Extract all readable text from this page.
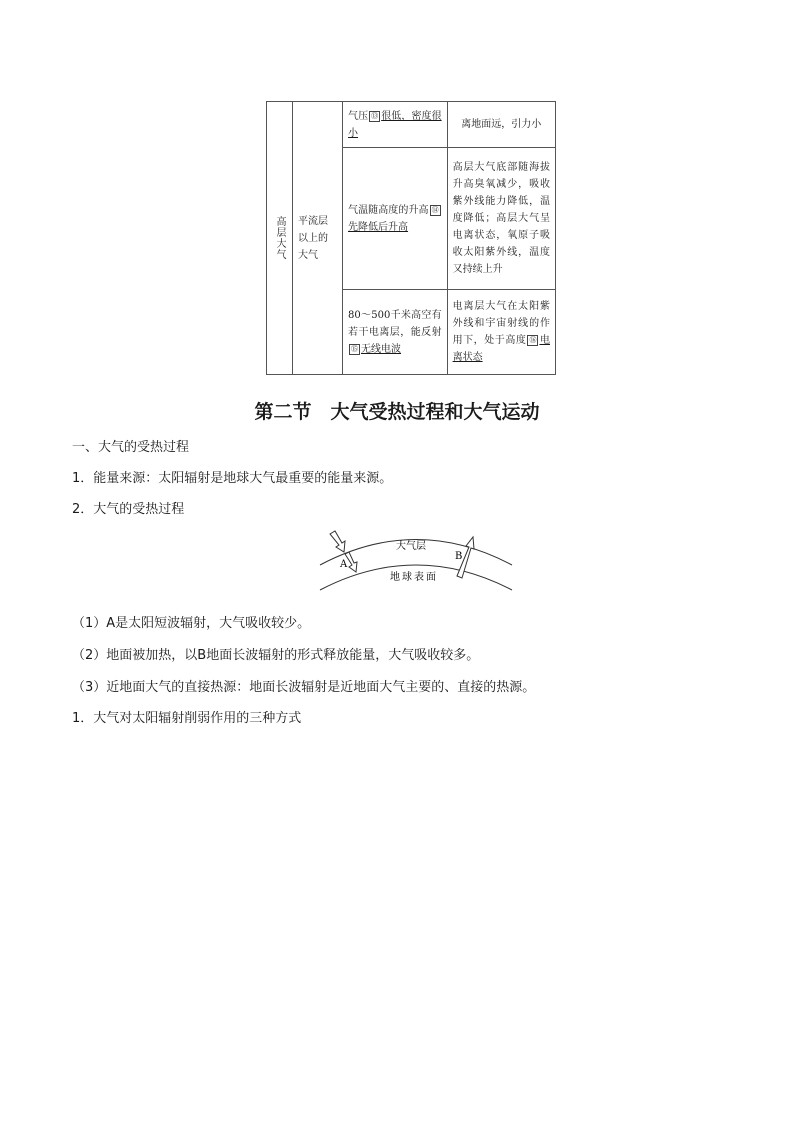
高层大气	平流层以上的大气	气压 ⑬ 很低，密度很小	离地面远，引力小
		气温随高度的升高 ⑭先降低后升高	高层大气底部随海拔升高臭氧减少，吸收紫外线能力降低，温度降低；高层大气呈电离状态，氧原子吸收太阳紫外线，温度又持续上升
		80～500千米高空有若干电离层，能反射⑮ 无线电波	电离层大气在太阳紫外线和宇宙射线的作用下，处于高度 ⑯ 电离状态
第二节　大气受热过程和大气运动
一、大气的受热过程
1．能量来源：太阳辐射是地球大气最重要的能量来源。
2．大气的受热过程
A
B
大气层
地球表面
（1）A是太阳短波辐射，大气吸收较少。
（2）地面被加热，以B地面长波辐射的形式释放能量，大气吸收较多。
（3）近地面大气的直接热源：地面长波辐射是近地面大气主要的、直接的热源。
1．大气对太阳辐射削弱作用的三种方式
